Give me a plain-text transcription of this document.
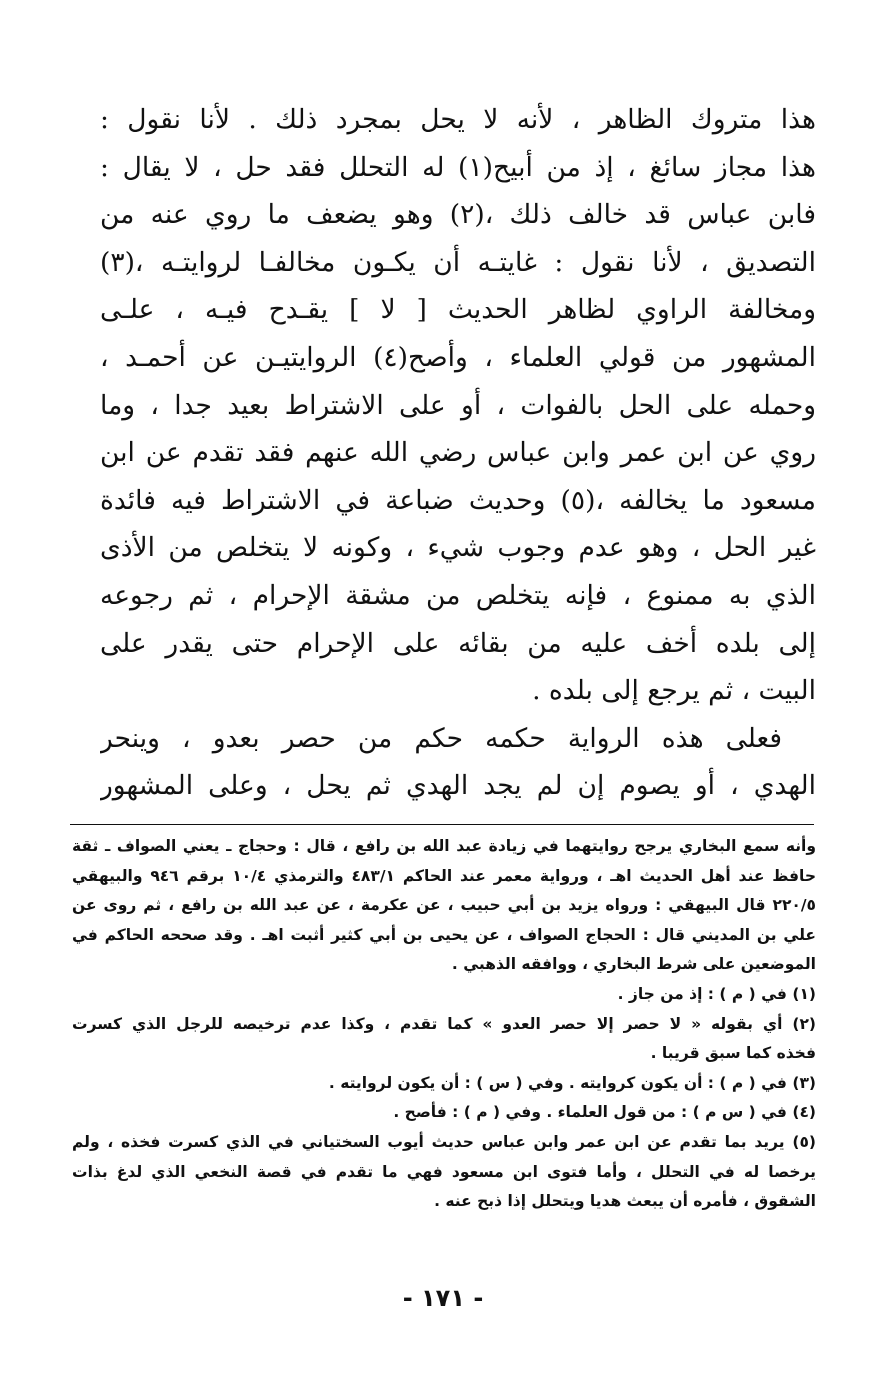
هذا متروك الظاهر ، لأنه لا يحل بمجرد ذلك . لأنا نقول :
هذا مجاز سائغ ، إذ من أبيح(١) له التحلل فقد حل ، لا يقال :
فابن عباس قد خالف ذلك ،(٢) وهو يضعف ما روي عنه من
التصديق ، لأنا نقول : غايتـه أن يكـون مخالفـا لروايتـه ،(٣)
ومخالفة الراوي لظاهر الحديث [ لا ] يقـدح فيـه ، علـى
المشهور من قولي العلماء ، وأصح(٤) الروايتيـن عن أحمـد ،
وحمله على الحل بالفوات ، أو على الاشتراط بعيد جدا ، وما
روي عن ابن عمر وابن عباس رضي الله عنهم فقد تقدم عن ابن
مسعود ما يخالفه ،(٥) وحديث ضباعة في الاشتراط فيه فائدة
غير الحل ، وهو عدم وجوب شيء ، وكونه لا يتخلص من الأذى
الذي به ممنوع ، فإنه يتخلص من مشقة الإحرام ، ثم رجوعه
إلى بلده أخف عليه من بقائه على الإحرام حتى يقدر على
البيت ، ثم يرجع إلى بلده .
فعلى هذه الرواية حكمه حكم من حصر بعدو ، وينحر
الهدي ، أو يصوم إن لم يجد الهدي ثم يحل ، وعلى المشهور
وأنه سمع البخاري يرجح روايتهما في زيادة عبد الله بن رافع ، قال : وحجاج ـ يعني الصواف ـ ثقة
حافظ عند أهل الحديث اهـ ، ورواية معمر عند الحاكم ٤٨٣/١ والترمذي ١٠/٤ برقم ٩٤٦ والبيهقي
٢٢٠/٥ قال البيهقي : ورواه يزيد بن أبي حبيب ، عن عكرمة ، عن عبد الله بن رافع ، ثم روى عن
علي بن المديني قال : الحجاج الصواف ، عن يحيى بن أبي كثير أثبت اهـ . وقد صححه الحاكم في
الموضعين على شرط البخاري ، ووافقه الذهبي .
(١) في ( م ) : إذ من جاز .
(٢) أي بقوله « لا حصر إلا حصر العدو » كما تقدم ، وكذا عدم ترخيصه للرجل الذي كسرت
فخذه كما سبق قريبا .
(٣) في ( م ) : أن يكون كروايته . وفي ( س ) : أن يكون لروايته .
(٤) في ( س م ) : من قول العلماء . وفي ( م ) : فأصح .
(٥) يريد بما تقدم عن ابن عمر وابن عباس حديث أيوب السختياني في الذي كسرت فخذه ، ولم
يرخصا له في التحلل ، وأما فتوى ابن مسعود فهي ما تقدم في قصة النخعي الذي لدغ بذات
الشقوق ، فأمره أن يبعث هديا ويتحلل إذا ذبح عنه .
- ١٧١ -
